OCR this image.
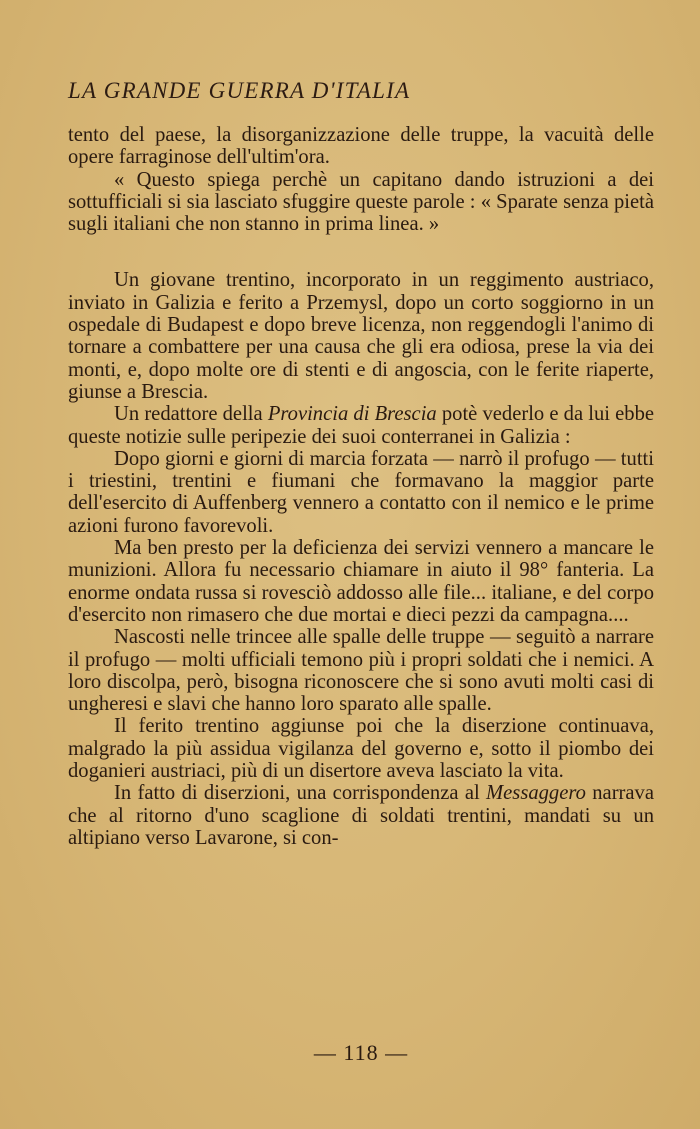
LA GRANDE GUERRA D'ITALIA

tento del paese, la disorganizzazione delle truppe, la vacuità delle opere farraginose dell'ultim'ora.

« Questo spiega perchè un capitano dando istruzioni a dei sottufficiali si sia lasciato sfuggire queste parole : « Sparate senza pietà sugli italiani che non stanno in prima linea. »

Un giovane trentino, incorporato in un reggimento austriaco, inviato in Galizia e ferito a Przemysl, dopo un corto soggiorno in un ospedale di Budapest e dopo breve licenza, non reggendogli l'animo di tornare a combattere per una causa che gli era odiosa, prese la via dei monti, e, dopo molte ore di stenti e di angoscia, con le ferite riaperte, giunse a Brescia.

Un redattore della Provincia di Brescia potè vederlo e da lui ebbe queste notizie sulle peripezie dei suoi conterranei in Galizia :

Dopo giorni e giorni di marcia forzata — narrò il profugo — tutti i triestini, trentini e fiumani che formavano la maggior parte dell'esercito di Auffenberg vennero a contatto con il nemico e le prime azioni furono favorevoli.

Ma ben presto per la deficienza dei servizi vennero a mancare le munizioni. Allora fu necessario chiamare in aiuto il 98° fanteria. La enorme ondata russa si rovesciò addosso alle file... italiane, e del corpo d'esercito non rimasero che due mortai e dieci pezzi da campagna....

Nascosti nelle trincee alle spalle delle truppe — seguitò a narrare il profugo — molti ufficiali temono più i propri soldati che i nemici. A loro discolpa, però, bisogna riconoscere che si sono avuti molti casi di ungheresi e slavi che hanno loro sparato alle spalle.

Il ferito trentino aggiunse poi che la diserzione continuava, malgrado la più assidua vigilanza del governo e, sotto il piombo dei doganieri austriaci, più di un disertore aveva lasciato la vita.

In fatto di diserzioni, una corrispondenza al Messaggero narrava che al ritorno d'uno scaglione di soldati trentini, mandati su un altipiano verso Lavarone, si con-

— 118 —
